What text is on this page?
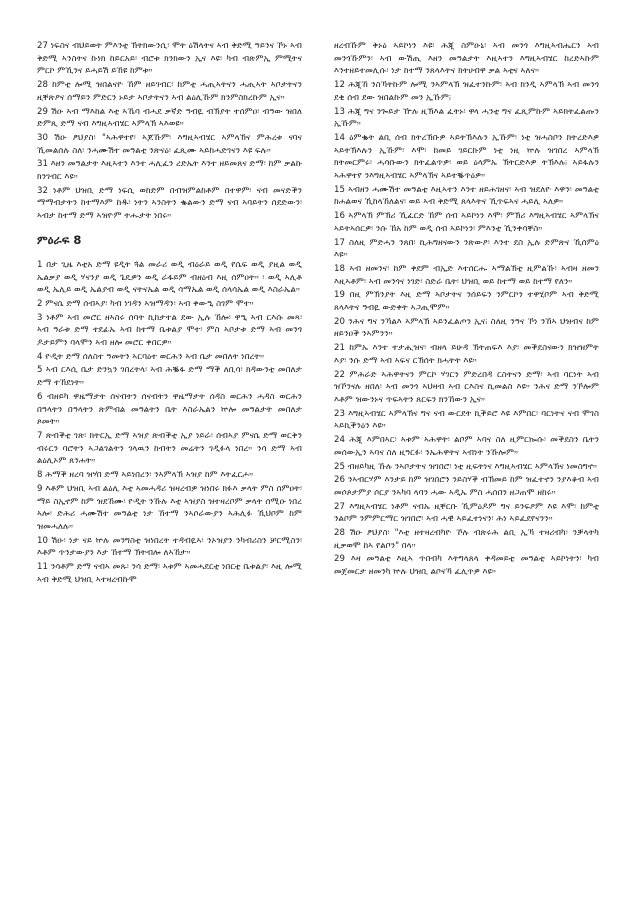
27 ነፍስና ብህይወት ምእንቲ ኽትክውንሲ፡ ሞት ዕሽላትና ኣብ ቅድሚ ዓይንና ኾኑ ኣብ ቅድሚ ኣንስትና ኩነክ ከይርአይ፡ ብሮቱ ክንክውን ኢና እዩ፡ ካብ ብጽምኢ ምሚትና ምርኮ ምኺንና ይሓይሽ ይኸዩ ከምቱ።

28 ከምቲ ሎሚ ዝበልናዮ ኸም ዘይገብር፡ ከምቲ ሓጢኣትናን ሓጢኣት ኣቦታትናን ዚቐጽዖና ሰማይን ምድርን ኑይታ ኣቦታትናን ኣብ ልዕሊኹም ክንምስክረኩም ኢና።

29 ሽዑ ኣብ ማእከል እቲ ኣኼባ ብሓደ ቃኛድ ዓብዪ ብኽያት ተሰምዐ፡ ብዓው ዝበለ ድምጺ ድማ ናብ እግዚኣብሄር ኣምላኽ ኣእወዩ።

30 ሽዑ ፆህያስ፡ "ኣሕዋተየ፡ ኣጆኹም፡ እግዚኣብሄር ኣምላኽና ምሕረቱ ናባና ኺመልሰሉ ስለ፡ ንሓሙሽተ መዓልቲ ንጽናዕ፡ ፈጺሙ ኣይከሓድገናን እዩ ፍሉ።

31 እዘን መዓልታት እዚኣተን እንተ ሓሊፈን ረድኤት እንተ ዘይመጸና ድማ፡ ከም ቃልኩ ክንገብር እዩ።

32 ነቶም ህዝቢ ድማ ነፍሲ ወከድም በብዝምልከቶም በተዋም፡ ናብ መናድቕን ማማብታትን ከተማእም ከዱ፡ ነትን ኣንስትን ቈልውን ድማ ናብ ኣባይትን ሰደድውን፡ ኣብታ ከተማ ድማ ኣዝዮም ትሑታት ነበሩ።

ምዕራፍ 8

1 በታ ጊዜ እቲአ ድማ ዩዲት ጓል መራሪ ወዲ ብዕራይ ወዲ የሴፍ ወዲ ያዚል ወዲ ኤልቃያ ወዲ ሃናንያ ወዲ ጌዴዎን ወዲ ራፋይም ብዘዕብ እዚ ሰምዐት። ፡ ወዲ ኣሊቶ ወዲ ኤሊይ ወዲ ኤልያብ ወዲ ናትናኤል ወዲ ሳማኤል ወዲ ሰላሳኤል ወዲ እስራኤል።

2 ምናሴ ድማ ሰብኣያ፡ ካብ ነገዳን ኣዝማዳን፡ ኣብ ቀውዒ ስገም ሞተ።

3 ነቶም ኣብ መሮር ዘኣስሩ ሰባት ኪከታተል ደው ኢሉ ኸሎ፡ ዋዒ ኣብ ርእሱ መጻ፡ ኣብ ዓራቱ ድማ ተደፊኡ ኣብ ከተማ ቤቱልያ ሞተ፡ ምስ ኣቦታቱ ድማ ኣብ መንጎ ዶታይምን ባላሞን ኣብ ዘሎ መሮር ቀበርዎ።

4 ዮዲት ድማ ሰለስተ ዓመትን ኣርባዕተ ወርሕን ኣብ ቤታ መበለት ነበረት።

5 ኣብ ርእሲ ቤታ ድንኳን ገበረትላ፡ ኣብ ሕቘፋ ድማ ማቕ ለቢሳ፡ ክዳውንቲ መበለታ ድማ ተኸደነት።

6 ብዘይካ ዋዜማታት ሰናብትን ሰናብትን ዋዜማታት ሰዳስ ወርሕን ሓዳስ ወርሕን በዓላትን በዓላትን ጽምብል መዓልትን ቤት እስራኤልን ኵሎ መዓልታት መበለታ ጾመት።

7 ጽብቕቲ ገጽ፡ ክትርኢ ድማ ኣዝያ ጽብቕቲ ኢያ ነይራ፡ ሰብኣያ ምናሴ ድማ ወርቅን ብሩርን ባሮትን ኣጋልገልትን ገላዉን ከብትን መሬትን ገዲፉላ ነበረ። ንሳ ድማ ኣብ ልዕሊኦም ጸንሐት።

8 ሕማቕ ዘረባ ዝሃበ ድማ ኣይነበረን፡ ንኣምላኽ ኣዝያ ከም እትፈርሖ።

9 እቶም ህዝቢ ኣብ ልዕሊ እቲ ኣመሓዳሪ ዝዛረብዎ ዝነበሩ ክፉእ ቃላት ምስ ሰምዐት፡ ማይ ስኢኖም ከም ዝደኸሙ፡ ዮዲት ንኹሉ እቲ ኣዝያስ ዝተዛረቦም ቃላት ሰሚዑ ነበረ ኣሎ፡ ድሕሪ ሓሙሽተ መዓልቲ ነታ ኸተማ ንኣሶራውያን ኣሕሊፉ ኺህቦም ከም ዝመሓለሉ።

10 ሽዑ፡ ነታ ናይ ኵሉ መንግስቲ ዝነበረት ተዳብዪኣ፡ ንኦዝያን ንካብሪስን ቻርሚስን፡ እቶም ጥንታውያን እታ ኸተማ ኽትብሎ ለኣኸታ።

11 ንሳቶም ድማ ናብኣ መጹ፡ ንሳ ድማ፡ ኣቱም ኣመሓደርቲ ነበርቲ ቤቱልያ፡ እዚ ሎሚ ኣብ ቅድሚ ህዝቢ ኣተዛረብኩሞ

ዘረብኹም ቅኑዕ ኣይኮነን እዩ፡ ሕጂ ስምዑኒ፡ ኣብ መንጎ እግዚኣብሔርን ኣብ መንጎኹምን፡ ኣብ ውሽጢ እዘን መዓልታት እዚኣተን እግዚኣብሄር ከረድኣኩም እንተዘይተመሊሱ፡ ነታ ከተማ ንጸላእትና ክትሀብዋ ቃል ኣቲና ኣለና።

12 ሕጂኸ ንስኻትኩም ሎሚ ንኣምላኽ ዝፈተንኩም፡ ኣብ ክንዲ ኣምላኽ ኣብ መንጎ ደቂ ሰብ ደው ዝበልኩም መን ኢኹም፧

13 ሕጂ ግና ንጐይታ ዅሉ ዚኽእል ፈትኑ፡ ዋላ ሓንቲ ግና ፈጺምኩም ኣይክትፈልጡን ኢኹም።

14 ዕምቈት ልቢ ሰብ ክትረኽቡዎ ኣይትኽእሉን ኢኹም፡ ነቲ ዝሓስቦን ክትረድእዎ ኣይትኽእሉን ኢኹም፡ እሞ፡ ከመይ ገይርኩም ነቲ ነዚ ኵሉ ዝገበረ ኣምላኽ ክትመርምሩ፡ ሓሳቡውን ክትፈልጥዎ፡ ወይ ዕላምኡ ኽትርድእዎ ትኽእሉ፧ ኣይፋሉን ኣሕዋተየ ንእግዚኣብሄር ኣምላኽና ኣይተቘጥዕዎ።

15 ኣብዘን ሓሙሽተ መዓልቲ እዚኣተን እንተ ዘይሐገዘና፡ ኣብ ዝደለዮ እዋን፡ መዓልቲ ከሐልወና ኺከላኸለልና፡ ወይ ኣብ ቅድሚ ጸላእትና ኺጥፍኣና ሓይሊ ኣለዎ።

16 ኣምላኽ ምኽሪ ኺፈርድ ኸም ሰብ ኣይኮነን እሞ፡ ምኽሪ እግዚኣብሄር ኣምላኽና ኣይትኣሰርዎ፡ ንሱ ኸአ ከም ወዲ ሰብ ኣይኮነን፡ ምእንቲ ኺንቀሳቐስ።

17 ስለዚ ምድሓን ንጸበ፡ ኪሕግዘናውን ንጽውዖ፡ እንተ ደስ ኢሉ ድምጽና ኺሰምዕ እዩ።

18 ኣብ ዘመንና፡ ከም ቀደም ብኢድ እተሰርሑ ኣማልኽቲ ዚምልኹ፡ ኣብዛ ዘመን እዚኣቶም፡ ኣብ መንጎና ነገድ፡ ስድራ ቤት፡ ህዝቢ ወይ ከተማ ወይ ከተማ የለን።

19 በዚ ምኽንያት እዚ ድማ ኣቦታትና ንሰይፍን ንምርኮን ተዋሂቦም ኣብ ቅድሚ ጸላእትና ዓብዪ ውድቀት ኣጋጢሞም።

20 ንሕና ግና ንኻልእ ኣምላኽ ኣይንፈልጦን ኢና፧ ስለዚ ንዓና ኾነ ንኸኣ ህዝብና ከም ዘይንዐቕ ንኣምንን።

21 ከምኡ እንተ ተታሒዝና፡ ብዘላ ይሁዳ ኽትጠፍእ እያ፡ መቕደስናውን ክዝዝምት እያ፡ ንሱ ድማ ኣብ ኣፍና ርኽሰት ክሓትት እዩ።

22 ምሕራድ ኣሕዋትናን ምርኮ ሃገርን ምድረበዳ ርስትናን ድማ፡ ኣብ ባርነት ኣብ ዝኾንናሉ ዘበለ፡ ኣብ መንጎ ኣህዛብ ኣብ ርእስና ኪመልስ እዩ። ንሕና ድማ ንኾሎም እቶም ዝውንኑና ጥፍኣትን ጸርፍን ክንኸውን ኢና።

23 እግዚኣብሄር ኣምላኽና ግና ናብ ውርደት ኪቕይሮ እዩ እምበር፡ ባርነትና ናብ ሞገስ ኣይኪቕንዕን እዩ።

24 ሕጂ እምበኣር፡ ኣቱም ኣሕዋት፡ ልቦም ኣባና ስለ ዚምርኰሱ፡ መቕደስን ቤትን መሰውኢን ኣባና ስለ ዚዓርፉ፡ ንኤሕዋትና ኣብነት ንኹሎም።

25 ብዘይካዚ ኹሉ ንኣቦታትና ዝገበሮ፡ ነቲ ዚፍትነና እግዚኣብሄር ኣምላኽና ነመስግኖ።

26 ንኣብርሃም እንታይ ከም ዝገበሮን ንይስሃቕ ብኽመይ ከም ዝፈተኖን ንያእቆብ ኣብ መሶጶታምያ ሶርያ ንኣካባ ላባን ሓው ኣዲኡ ምስ ሓሰበን ዘጋጠሞ ዘከሩ።

27 እግዚኣብሄር ነቶም ናብኡ ዚቐርቡ ኺምዕዶም ግና ይንፍዖም እዩ እሞ፡ ከምቲ ንልቦም ንምምርማር ዝገበሮ፡ ኣብ ሓዊ ኣይፈተነናን፡ ሕነ ኣይፈደየናንን።

28 ሽዑ ፆህያስ፡ "እቲ ዘተዛረብካዮ ኾሉ ብጽሩሕ ልቢ ኢኻ ተዛሪብካ፡ ንቓላትካ ዚቃወሞ ከኣ የልቦን" በላ።

29 እዛ መዓልቲ እዚኣ ጥበብካ እትግላጸላ ቀዳመይቲ መዓልቲ ኣይኮነትን፡ ካብ መጀመርታ ዘመንካ ኵሉ ህዝቢ ልቦናኻ ፈሊጥዎ እዩ።
